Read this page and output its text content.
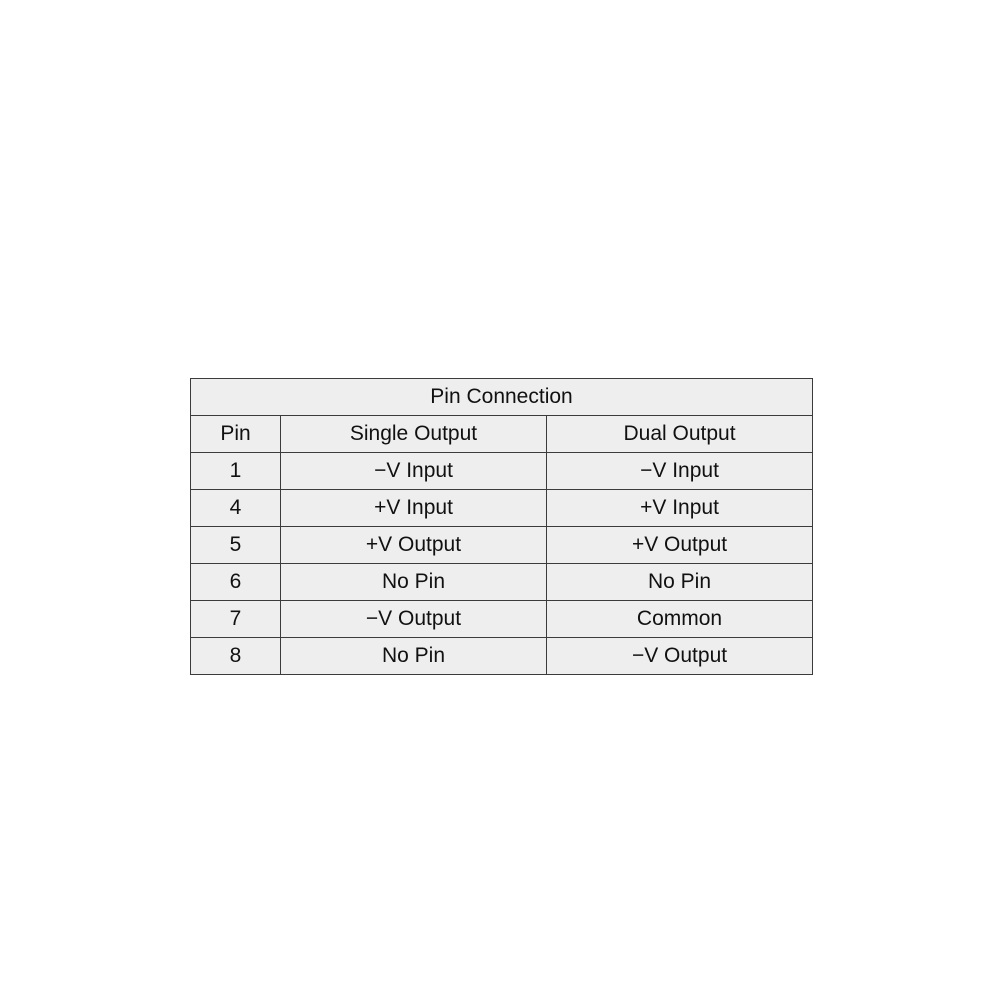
Pin Connection		
Pin	Single Output	Dual Output
1	−V Input	−V Input
4	+V Input	+V Input
5	+V Output	+V Output
6	No Pin	No Pin
7	−V Output	Common
8	No Pin	−V Output
